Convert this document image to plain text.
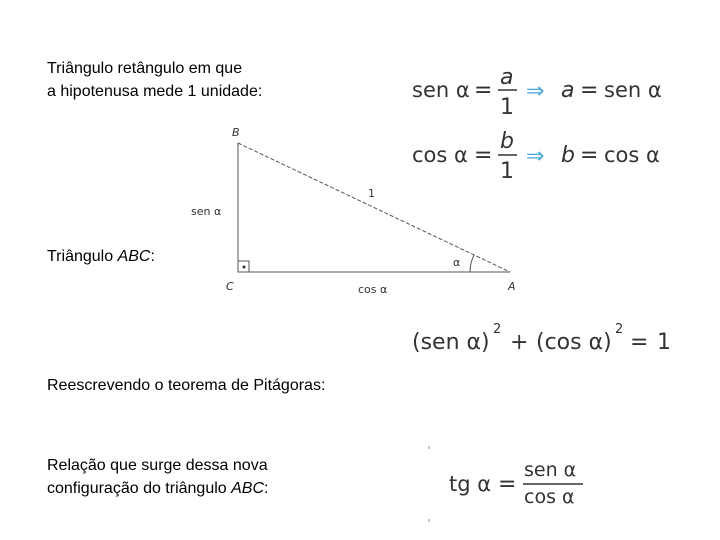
Triângulo retângulo em que
a hipotenusa mede 1 unidade:
Triângulo ABC:
Reescrevendo o teorema de Pitágoras:
Relação que surge dessa nova
configuração do triângulo ABC:
B
C	A
1
sen α
cos α
α
sen α =
a
1
⇒ a = sen α
cos α =
b
1
⇒ b = cos α
(sen α)
2
+ (cos α)
2
= 1
tg α =
sen α
cos α
